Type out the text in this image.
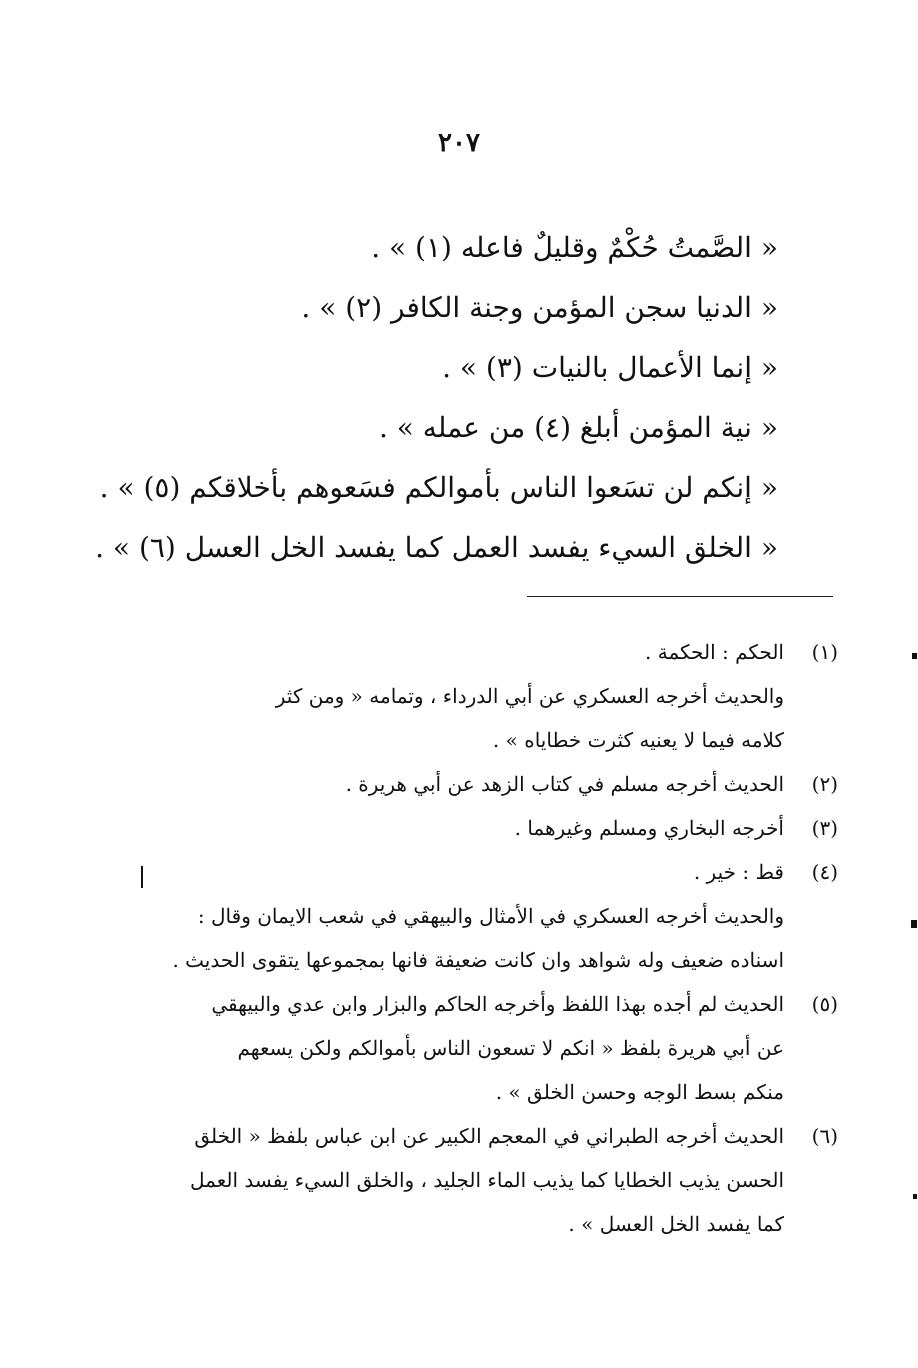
٢٠٧
« الصَّمتُ حُكْمٌ وقليلٌ فاعله (١) » .
« الدنيا سجن المؤمن وجنة الكافر (٢) » .
« إنما الأعمال بالنيات (٣) » .
« نية المؤمن أبلغ (٤) من عمله » .
« إنكم لن تسَعوا الناس بأموالكم فسَعوهم بأخلاقكم (٥) » .
« الخلق السيء يفسد العمل كما يفسد الخل العسل (٦) » .
(١)
الحكم : الحكمة .
والحديث أخرجه العسكري عن أبي الدرداء ، وتمامه « ومن كثر
كلامه فيما لا يعنيه كثرت خطاياه » .
(٢)
الحديث أخرجه مسلم في كتاب الزهد عن أبي هريرة .
(٣)
أخرجه البخاري ومسلم وغيرهما .
(٤)
قط : خير .
والحديث أخرجه العسكري في الأمثال والبيهقي في شعب الايمان وقال :
اسناده ضعيف وله شواهد وان كانت ضعيفة فانها بمجموعها يتقوى الحديث .
(٥)
الحديث لم أجده بهذا اللفظ وأخرجه الحاكم والبزار وابن عدي والبيهقي
عن أبي هريرة بلفظ « انكم لا تسعون الناس بأموالكم ولكن يسعهم
منكم بسط الوجه وحسن الخلق » .
(٦)
الحديث أخرجه الطبراني في المعجم الكبير عن ابن عباس بلفظ « الخلق
الحسن يذيب الخطايا كما يذيب الماء الجليد ، والخلق السيء يفسد العمل
كما يفسد الخل العسل » .
